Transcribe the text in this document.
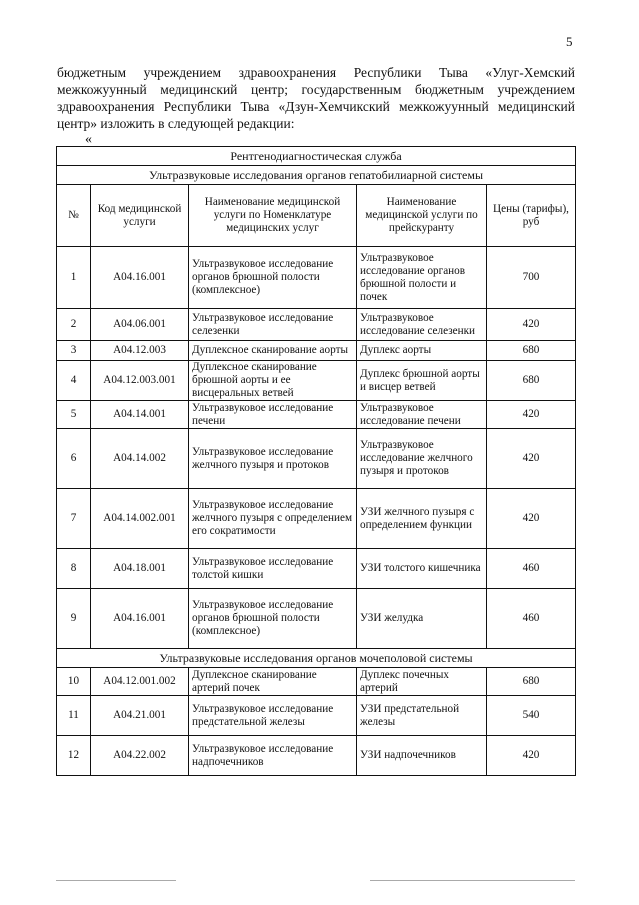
5
бюджетным учреждением здравоохранения Республики Тыва «Улуг-Хемский межкожуунный медицинский центр; государственным бюджетным учреждением здравоохранения Республики Тыва «Дзун-Хемчикский межкожуунный медицинский центр» изложить в следующей редакции:
«
Рентгенодиагностическая служба				
Ультразвуковые исследования органов гепатобилиарной системы				
№	Код медицинской услуги	Наименование медицинской услуги по Номенклатуре медицинских услуг	Наименование медицинской услуги по прейскуранту	Цены (тарифы), руб
1	А04.16.001	Ультразвуковое исследование органов брюшной полости (комплексное)	Ультразвуковое исследование органов брюшной полости и почек	700
2	А04.06.001	Ультразвуковое исследование селезенки	Ультразвуковое исследование селезенки	420
3	А04.12.003	Дуплексное сканирование аорты	Дуплекс аорты	680
4	А04.12.003.001	Дуплексное сканирование брюшной аорты и ее висцеральных ветвей	Дуплекс брюшной аорты и висцер ветвей	680
5	А04.14.001	Ультразвуковое исследование печени	Ультразвуковое исследование печени	420
6	А04.14.002	Ультразвуковое исследование желчного пузыря и протоков	Ультразвуковое исследование желчного пузыря и протоков	420
7	А04.14.002.001	Ультразвуковое исследование желчного пузыря с определением его сократимости	УЗИ желчного пузыря с определением функции	420
8	А04.18.001	Ультразвуковое исследование толстой кишки	УЗИ толстого кишечника	460
9	А04.16.001	Ультразвуковое исследование органов брюшной полости (комплексное)	УЗИ желудка	460
Ультразвуковые исследования органов мочеполовой системы				
10	А04.12.001.002	Дуплексное сканирование артерий почек	Дуплекс почечных артерий	680
11	А04.21.001	Ультразвуковое исследование предстательной железы	УЗИ предстательной железы	540
12	А04.22.002	Ультразвуковое исследование надпочечников	УЗИ надпочечников	420
